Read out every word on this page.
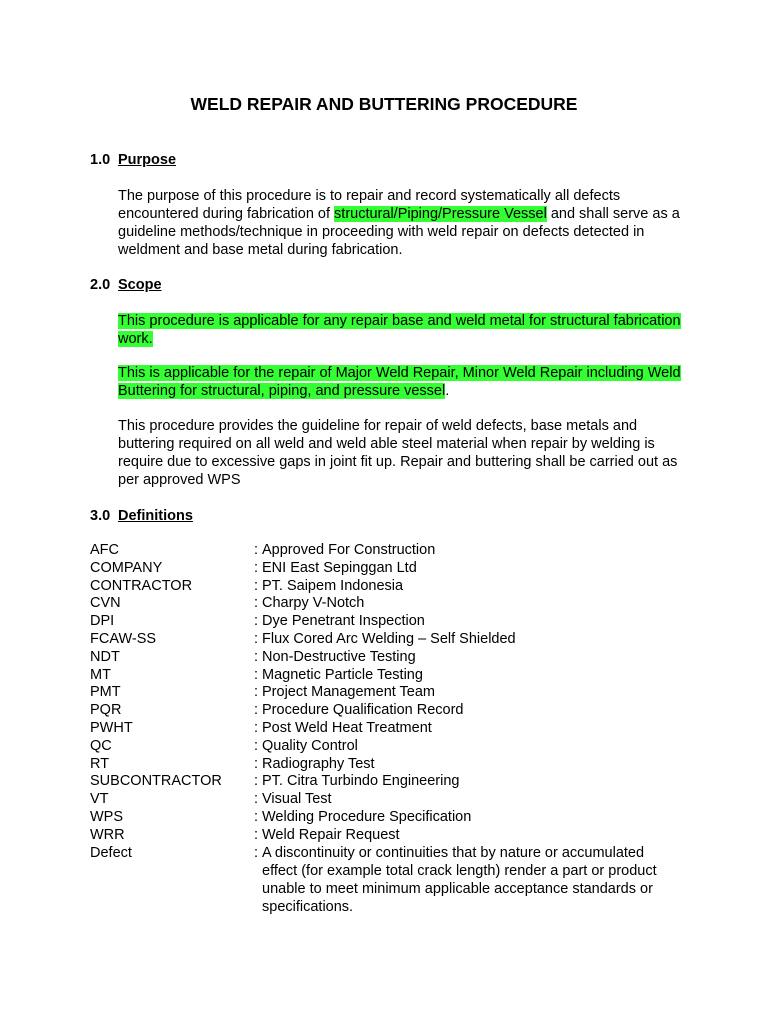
WELD REPAIR AND BUTTERING PROCEDURE
1.0 Purpose

The purpose of this procedure is to repair and record systematically all defects encountered during fabrication of structural/Piping/Pressure Vessel and shall serve as a guideline methods/technique in proceeding with weld repair on defects detected in weldment and base metal during fabrication.

2.0 Scope

This procedure is applicable for any repair base and weld metal for structural fabrication work.

This is applicable for the repair of Major Weld Repair, Minor Weld Repair including Weld Buttering for structural, piping, and pressure vessel.

This procedure provides the guideline for repair of weld defects, base metals and buttering required on all weld and weld able steel material when repair by welding is require due to excessive gaps in joint fit up. Repair and buttering shall be carried out as per approved WPS

3.0 Definitions
AFC	: Approved For Construction
COMPANY	: ENI East Sepinggan Ltd
CONTRACTOR	: PT. Saipem Indonesia
CVN	: Charpy V-Notch
DPI	: Dye Penetrant Inspection
FCAW-SS	: Flux Cored Arc Welding – Self Shielded
NDT	: Non-Destructive Testing
MT	: Magnetic Particle Testing
PMT	: Project Management Team
PQR	: Procedure Qualification Record
PWHT	: Post Weld Heat Treatment
QC	: Quality Control
RT	: Radiography Test
SUBCONTRACTOR	: PT. Citra Turbindo Engineering
VT	: Visual Test
WPS	: Welding Procedure Specification
WRR	: Weld Repair Request
Defect	: A discontinuity or continuities that by nature or accumulated effect (for example total crack length) render a part or product unable to meet minimum applicable acceptance standards or specifications.
